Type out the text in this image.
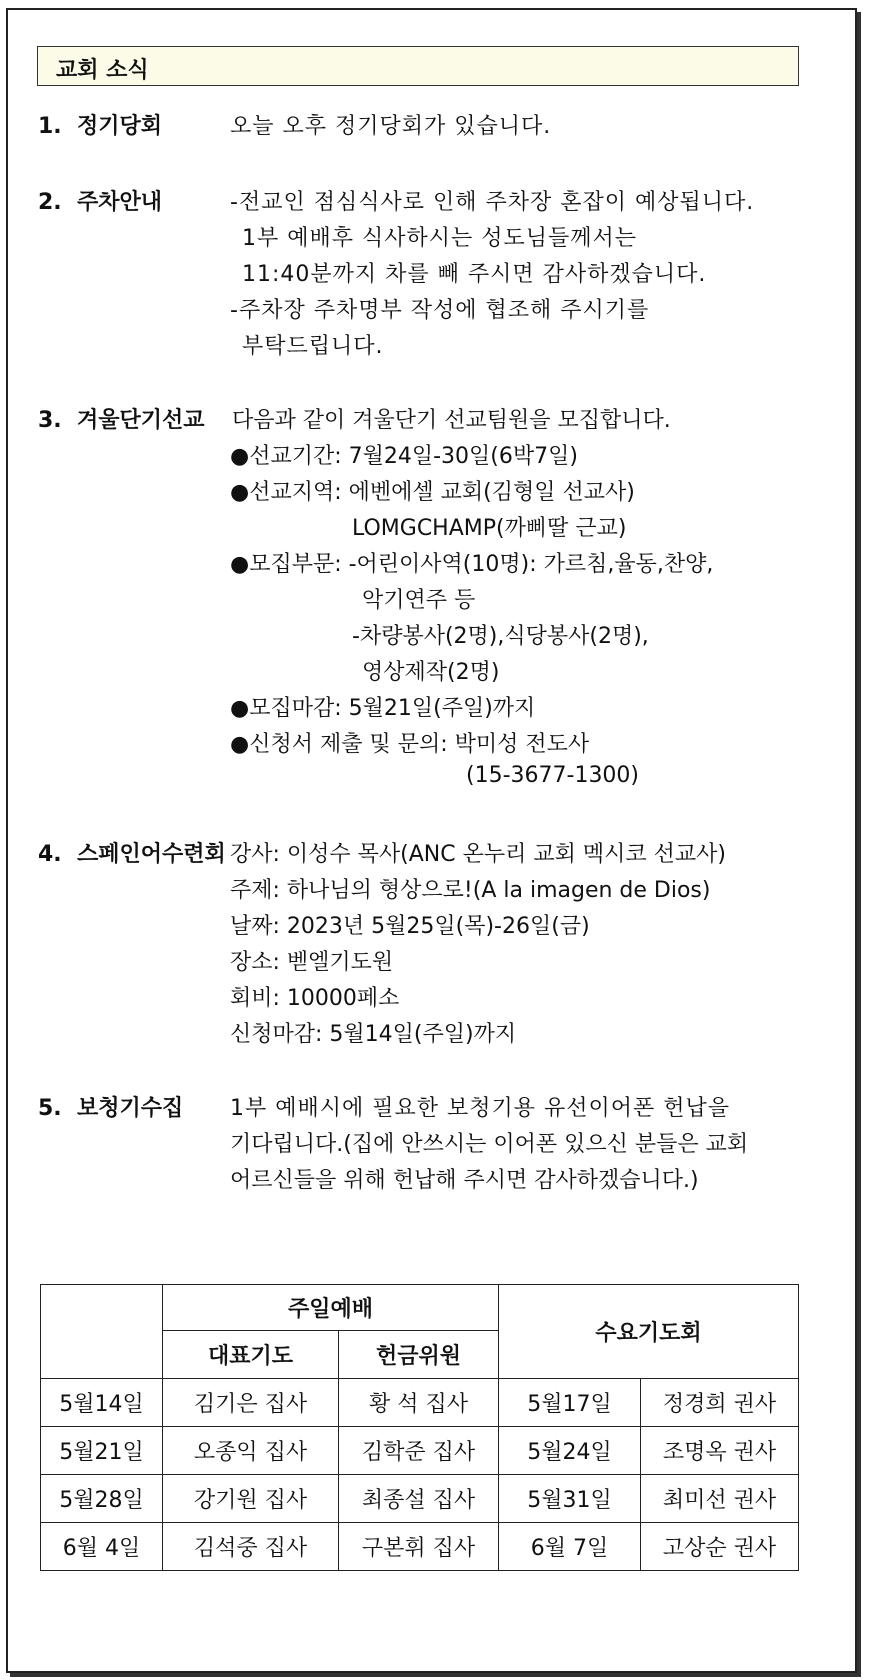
교회 소식
1. 정기당회	오늘 오후 정기당회가 있습니다.
2. 주차안내	-전교인 점심식사로 인해 주차장 혼잡이 예상됩니다.
1부 예배후 식사하시는 성도님들께서는
11:40분까지 차를 빼 주시면 감사하겠습니다.
-주차장 주차명부 작성에 협조해 주시기를
부탁드립니다.
3. 겨울단기선교 다음과 같이 겨울단기 선교팀원을 모집합니다.
●선교기간: 7월24일-30일(6박7일)
●선교지역: 에벤에셀 교회(김형일 선교사)
LOMGCHAMP(까삐딸 근교)
●모집부문: -어린이사역(10명): 가르침,율동,찬양,
악기연주 등
-차량봉사(2명),식당봉사(2명),
영상제작(2명)
●모집마감: 5월21일(주일)까지
●신청서 제출 및 문의: 박미성 전도사
(15-3677-1300)
4. 스페인어수련회 강사: 이성수 목사(ANC 온누리 교회 멕시코 선교사)
주제: 하나님의 형상으로!(A la imagen de Dios)
날짜: 2023년 5월25일(목)-26일(금)
장소: 벧엘기도원
회비: 10000페소
신청마감: 5월14일(주일)까지
5. 보청기수집 1부 예배시에 필요한 보청기용 유선이어폰 헌납을
기다립니다.(집에 안쓰시는 이어폰 있으신 분들은 교회
어르신들을 위해 헌납해 주시면 감사하겠습니다.)
	주일예배		수요기도회	
	대표기도	헌금위원		
5월14일	김기은 집사	황 석 집사	5월17일	정경희 권사
5월21일	오종익 집사	김학준 집사	5월24일	조명옥 권사
5월28일	강기원 집사	최종설 집사	5월31일	최미선 권사
6월 4일	김석중 집사	구본휘 집사	6월 7일	고상순 권사
